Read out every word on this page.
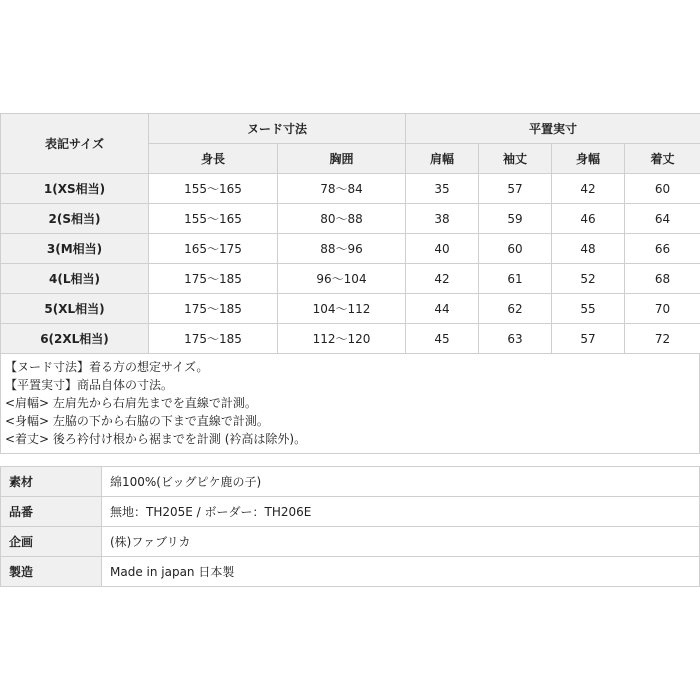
表記サイズ	ヌード寸法		平置実寸			
	身長	胸囲	肩幅	袖丈	身幅	着丈
1(XS相当)	155～165	78～84	35	57	42	60
2(S相当)	155～165	80～88	38	59	46	64
3(M相当)	165～175	88～96	40	60	48	66
4(L相当)	175～185	96～104	42	61	52	68
5(XL相当)	175～185	104～112	44	62	55	70
6(2XL相当)	175～185	112～120	45	63	57	72
【ヌード寸法】着る方の想定サイズ。
【平置実寸】商品自体の寸法。
<肩幅> 左肩先から右肩先までを直線で計測。
<身幅> 左脇の下から右脇の下まで直線で計測。
<着丈> 後ろ衿付け根から裾までを計測 (衿高は除外)。
素材	綿100%(ビッグピケ鹿の子)
品番	無地：TH205E / ボーダー：TH206E
企画	(株)ファブリカ
製造	Made in japan 日本製
